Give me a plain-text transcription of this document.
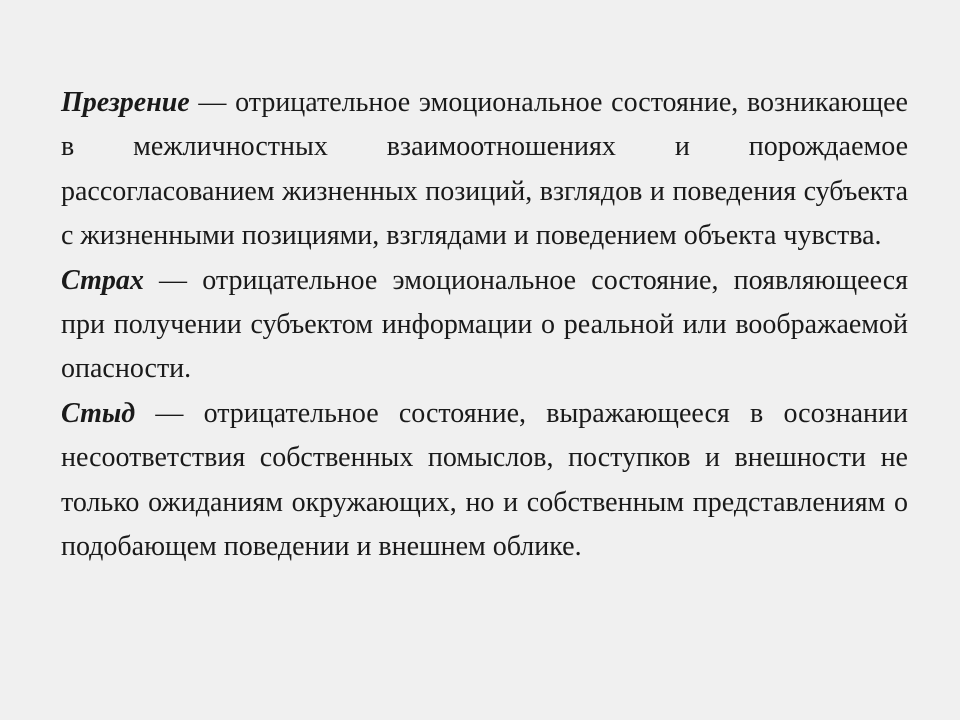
Презрение — отрицательное эмоциональное состояние, возникающее в межличностных взаимоотношениях и порождаемое рассогласованием жизненных позиций, взглядов и поведения субъекта с жизненными позициями, взглядами и поведением объекта чувства.

Страх — отрицательное эмоциональное состояние, появляющееся при получении субъектом информации о реальной или воображаемой опасности.

Стыд — отрицательное состояние, выражающееся в осознании несоответствия собственных помыслов, поступков и внешности не только ожиданиям окружающих, но и собственным представлениям о подобающем поведении и внешнем облике.
